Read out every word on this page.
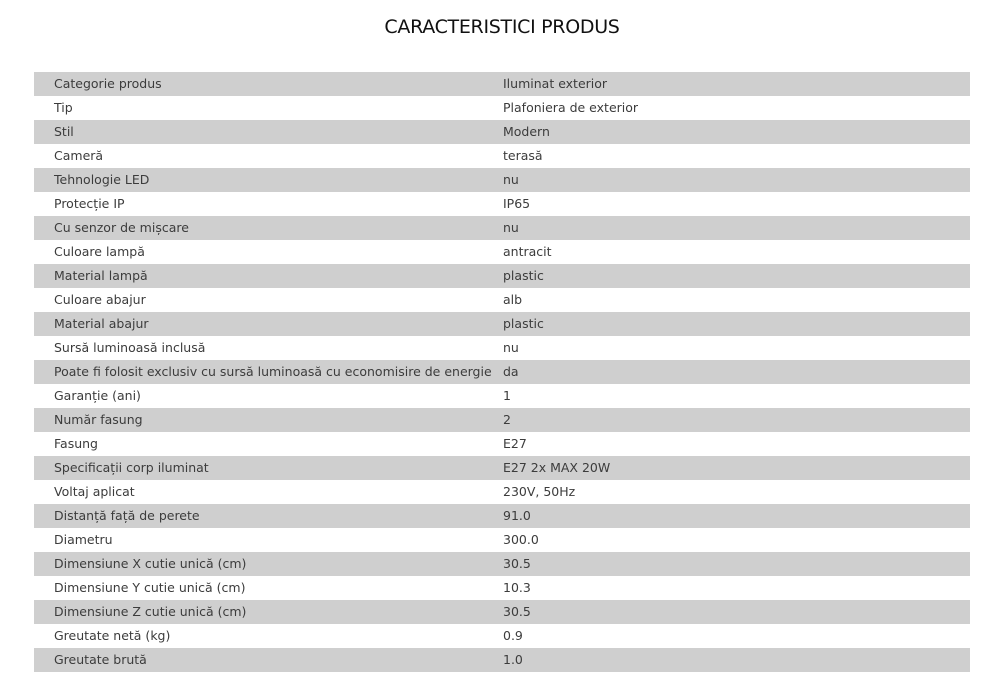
CARACTERISTICI PRODUS
Categorie produs	Iluminat exterior
Tip	Plafoniera de exterior
Stil	Modern
Cameră	terasă
Tehnologie LED	nu
Protecție IP	IP65
Cu senzor de mișcare	nu
Culoare lampă	antracit
Material lampă	plastic
Culoare abajur	alb
Material abajur	plastic
Sursă luminoasă inclusă	nu
Poate fi folosit exclusiv cu sursă luminoasă cu economisire de energie	da
Garanție (ani)	1
Număr fasung	2
Fasung	E27
Specificații corp iluminat	E27 2x MAX 20W
Voltaj aplicat	230V, 50Hz
Distanță față de perete	91.0
Diametru	300.0
Dimensiune X cutie unică (cm)	30.5
Dimensiune Y cutie unică (cm)	10.3
Dimensiune Z cutie unică (cm)	30.5
Greutate netă (kg)	0.9
Greutate brută	1.0
